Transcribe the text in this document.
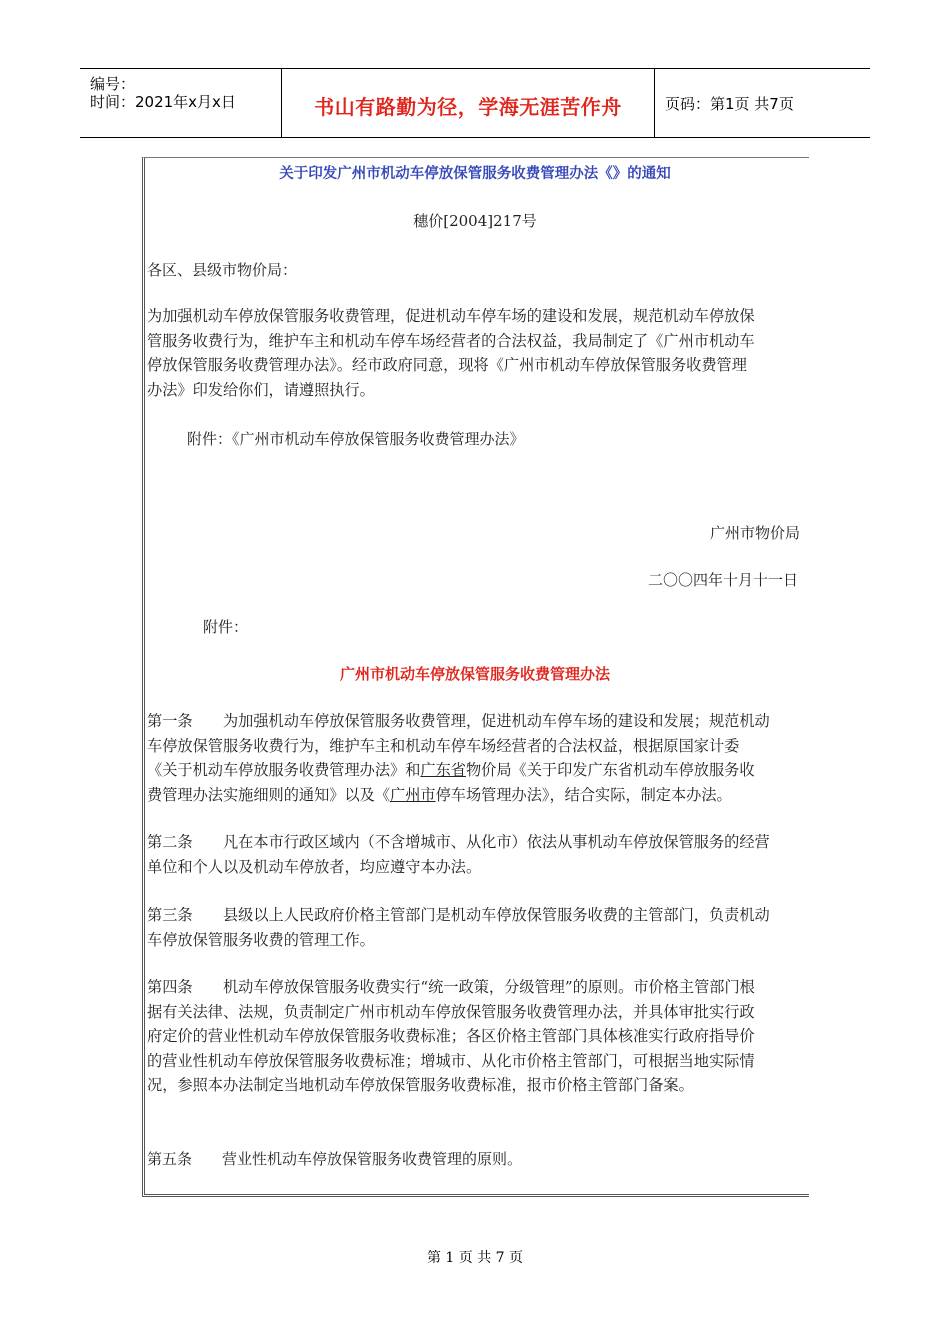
编号：
时间：2021年x月x日	书山有路勤为径，学海无涯苦作舟	页码：第1页 共7页
关于印发广州市机动车停放保管服务收费管理办法《》的通知
穗价[2004]217号
各区、县级市物价局：
为加强机动车停放保管服务收费管理，促进机动车停车场的建设和发展，规范机动车停放保
管服务收费行为，维护车主和机动车停车场经营者的合法权益，我局制定了《广州市机动车
停放保管服务收费管理办法》。经市政府同意，现将《广州市机动车停放保管服务收费管理
办法》印发给你们，请遵照执行。
附件：《广州市机动车停放保管服务收费管理办法》
广州市物价局
二〇〇四年十月十一日
附件：
广州市机动车停放保管服务收费管理办法
第一条　　为加强机动车停放保管服务收费管理，促进机动车停车场的建设和发展；规范机动
车停放保管服务收费行为，维护车主和机动车停车场经营者的合法权益，根据原国家计委
《关于机动车停放服务收费管理办法》和广东省物价局《关于印发广东省机动车停放服务收
费管理办法实施细则的通知》以及《广州市停车场管理办法》，结合实际，制定本办法。
第二条　　凡在本市行政区域内（不含增城市、从化市）依法从事机动车停放保管服务的经营
单位和个人以及机动车停放者，均应遵守本办法。
第三条　　县级以上人民政府价格主管部门是机动车停放保管服务收费的主管部门，负责机动
车停放保管服务收费的管理工作。
第四条　　机动车停放保管服务收费实行“统一政策，分级管理”的原则。市价格主管部门根
据有关法律、法规，负责制定广州市机动车停放保管服务收费管理办法，并具体审批实行政
府定价的营业性机动车停放保管服务收费标准；各区价格主管部门具体核准实行政府指导价
的营业性机动车停放保管服务收费标准；增城市、从化市价格主管部门，可根据当地实际情
况，参照本办法制定当地机动车停放保管服务收费标准，报市价格主管部门备案。
第五条　　营业性机动车停放保管服务收费管理的原则。
第 1 页 共 7 页
